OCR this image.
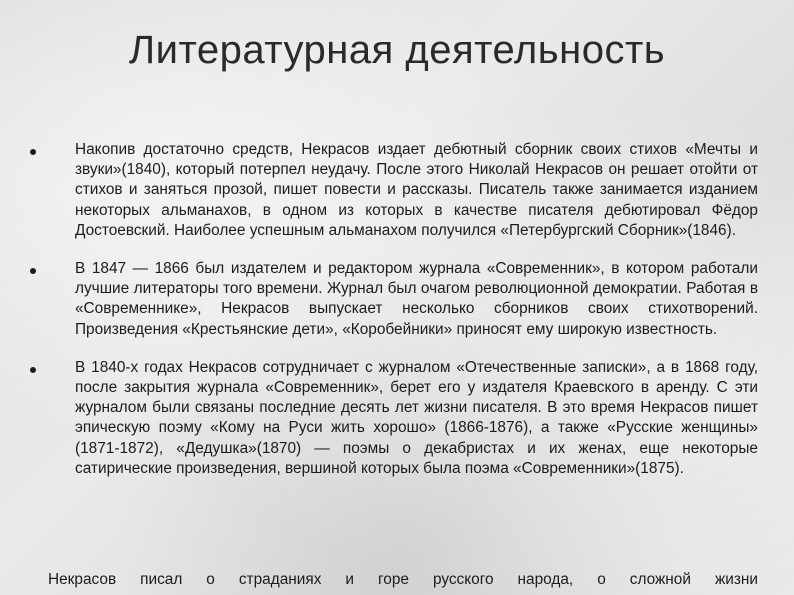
Литературная деятельность
Накопив достаточно средств, Некрасов издает дебютный сборник своих стихов «Мечты и звуки»(1840), который потерпел неудачу. После этого Николай Некрасов он решает отойти от стихов и заняться прозой, пишет повести и рассказы. Писатель также занимается изданием некоторых альманахов, в одном из которых в качестве писателя дебютировал Фёдор Достоевский. Наиболее успешным альманахом получился «Петербургский Сборник»(1846).
В 1847 — 1866 был издателем и редактором журнала «Современник», в котором работали лучшие литераторы того времени. Журнал был очагом революционной демократии. Работая в «Современнике», Некрасов выпускает несколько сборников своих стихотворений. Произведения «Крестьянские дети», «Коробейники» приносят ему широкую известность.
В 1840-х годах Некрасов сотрудничает с журналом «Отечественные записки», а в 1868 году, после закрытия журнала «Современник», берет его у издателя Краевского в аренду. С эти журналом были связаны последние десять лет жизни писателя. В это время Некрасов пишет эпическую поэму «Кому на Руси жить хорошо» (1866-1876), а также «Русские женщины» (1871-1872), «Дедушка»(1870) — поэмы о декабристах и их женах, еще некоторые сатирические произведения, вершиной которых была поэма «Современники»(1875).
Некрасов писал о страданиях и горе русского народа, о сложной жизни
